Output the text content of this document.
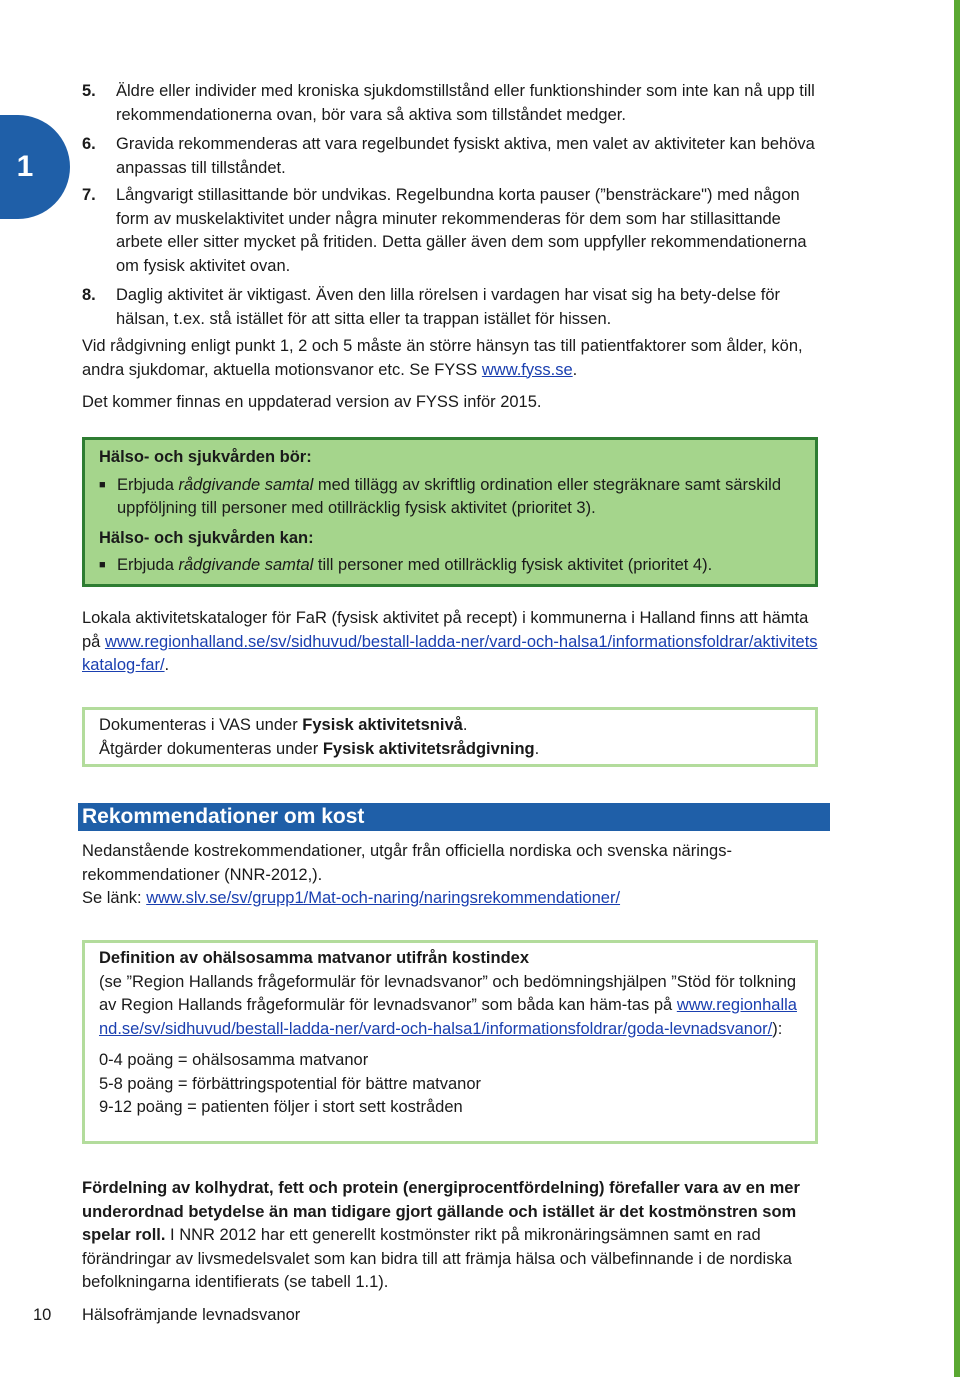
1
5.	Äldre eller individer med kroniska sjukdomstillstånd eller funktionshinder som inte kan nå upp till rekommendationerna ovan, bör vara så aktiva som tillståndet medger.
6.	Gravida rekommenderas att vara regelbundet fysiskt aktiva, men valet av aktiviteter kan behöva anpassas till tillståndet.
7.	Långvarigt stillasittande bör undvikas. Regelbundna korta pauser (”bensträckare") med någon form av muskelaktivitet under några minuter rekommenderas för dem som har stillasittande arbete eller sitter mycket på fritiden. Detta gäller även dem som uppfyller rekommendationerna om fysisk aktivitet ovan.
8.	Daglig aktivitet är viktigast. Även den lilla rörelsen i vardagen har visat sig ha bety-delse för hälsan, t.ex. stå istället för att sitta eller ta trappan istället för hissen.
Vid rådgivning enligt punkt 1, 2 och 5 måste än större hänsyn tas till patientfaktorer som ålder, kön, andra sjukdomar, aktuella motionsvanor etc. Se FYSS www.fyss.se.
Det kommer finnas en uppdaterad version av FYSS inför 2015.
Hälso- och sjukvården bör:
■ Erbjuda rådgivande samtal med tillägg av skriftlig ordination eller stegräknare samt särskild uppföljning till personer med otillräcklig fysisk aktivitet (prioritet 3).
Hälso- och sjukvården kan:
■ Erbjuda rådgivande samtal till personer med otillräcklig fysisk aktivitet (prioritet 4).
Lokala aktivitetskataloger för FaR (fysisk aktivitet på recept) i kommunerna i Halland finns att hämta på www.regionhalland.se/sv/sidhuvud/bestall-ladda-ner/vard-och-halsa1/informationsfoldrar/aktivitetskatalog-far/.
Dokumenteras i VAS under Fysisk aktivitetsnivå.
Åtgärder dokumenteras under Fysisk aktivitetsrådgivning.
Rekommendationer om kost
Nedanstående kostrekommendationer, utgår från officiella nordiska och svenska närings-rekommendationer (NNR-2012,).
Se länk: www.slv.se/sv/grupp1/Mat-och-naring/naringsrekommendationer/
Definition av ohälsosamma matvanor utifrån kostindex
(se ”Region Hallands frågeformulär för levnadsvanor” och bedömningshjälpen ”Stöd för tolkning av Region Hallands frågeformulär för levnadsvanor” som båda kan häm-tas på www.regionhalland.se/sv/sidhuvud/bestall-ladda-ner/vard-och-halsa1/informationsfoldrar/goda-levnadsvanor/):
0-4 poäng = ohälsosamma matvanor
5-8 poäng = förbättringspotential för bättre matvanor
9-12 poäng = patienten följer i stort sett kostråden
Fördelning av kolhydrat, fett och protein (energiprocentfördelning) förefaller vara av en mer underordnad betydelse än man tidigare gjort gällande och istället är det kostmönstren som spelar roll. I NNR 2012 har ett generellt kostmönster rikt på mikronäringsämnen samt en rad förändringar av livsmedelsvalet som kan bidra till att främja hälsa och välbefinnande i de nordiska befolkningarna identifierats (se tabell 1.1).
10 Hälsofrämjande levnadsvanor
